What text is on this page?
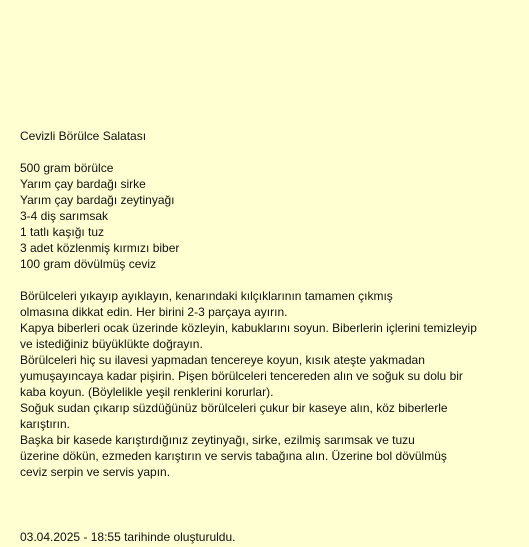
Cevizli Börülce Salatası
500 gram börülce
Yarım çay bardağı sirke
Yarım çay bardağı zeytinyağı
3-4 diş sarımsak
1 tatlı kaşığı tuz
3 adet közlenmiş kırmızı biber
100 gram dövülmüş ceviz
Börülceleri yıkayıp ayıklayın, kenarındaki kılçıklarının tamamen çıkmış
olmasına dikkat edin. Her birini 2-3 parçaya ayırın.
Kapya biberleri ocak üzerinde közleyin, kabuklarını soyun. Biberlerin içlerini temizleyip
ve istediğiniz büyüklükte doğrayın.
Börülceleri hiç su ilavesi yapmadan tencereye koyun, kısık ateşte yakmadan
yumuşayıncaya kadar pişirin. Pişen börülceleri tencereden alın ve soğuk su dolu bir
kaba koyun. (Böylelikle yeşil renklerini korurlar).
Soğuk sudan çıkarıp süzdüğünüz börülceleri çukur bir kaseye alın, köz biberlerle
karıştırın.
Başka bir kasede karıştırdığınız zeytinyağı, sirke, ezilmiş sarımsak ve tuzu
üzerine dökün, ezmeden karıştırın ve servis tabağına alın. Üzerine bol dövülmüş
ceviz serpin ve servis yapın.
03.04.2025 - 18:55 tarihinde oluşturuldu.
